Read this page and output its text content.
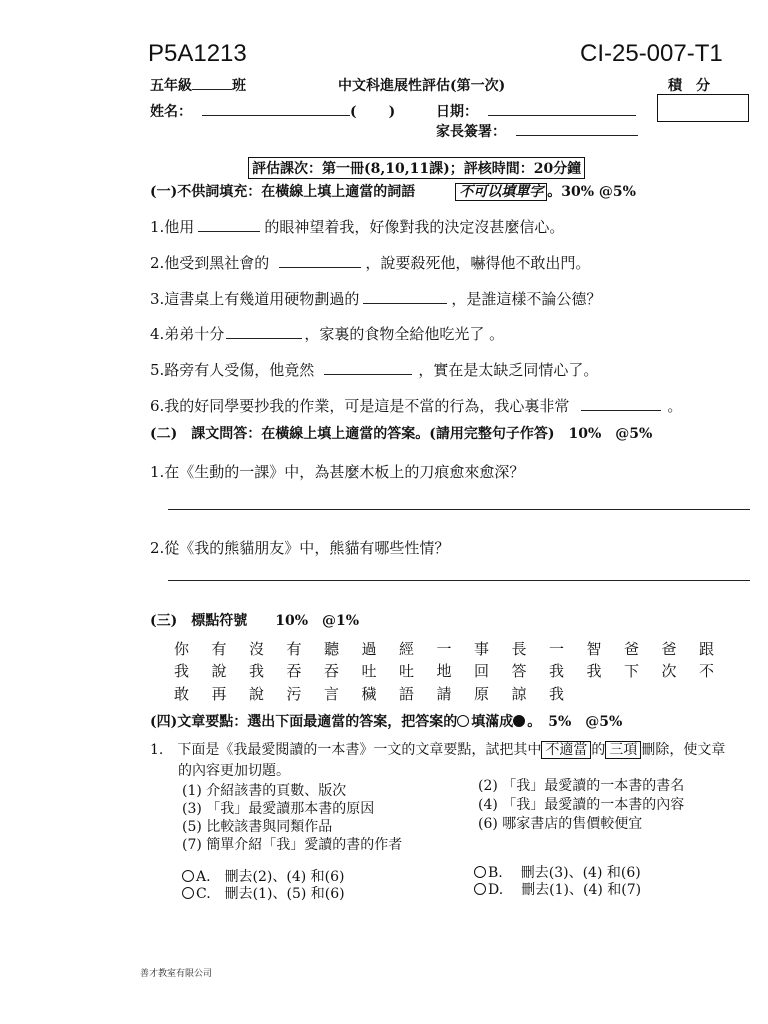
P5A1213	CI-25-007-T1
五年級	班	中文科進展性評估(第一次)	積　分
姓名：	( )	日期：
家長簽署：
評估課次：第一冊(8,10,11課)；評核時間：20分鐘
(一)不供詞填充：在橫線上填上適當的詞語	不可以填單字 。30% @5%
1.他用	的眼神望着我，好像對我的決定沒甚麼信心。
2.他受到黑社會的	，說要殺死他，嚇得他不敢出門。
3.這書桌上有幾道用硬物劃過的	，是誰這樣不論公德？
4.弟弟十分	，家裏的食物全給他吃光了 。
5.路旁有人受傷，他竟然	，實在是太缺乏同情心了。
6.我的好同學要抄我的作業，可是這是不當的行為，我心裏非常	。
(二)　課文問答：在橫線上填上適當的答案。(請用完整句子作答)　10%　@5%
1.在《生動的一課》中，為甚麼木板上的刀痕愈來愈深？
2.從《我的熊貓朋友》中，熊貓有哪些性情？
(三)　標點符號 10%　@1%
你	有	沒	有	聽	過	經	一	事	長	一	智	爸	爸	跟
我	說	我	吞	吞	吐	吐	地	回	答	我	我	下	次	不
敢	再	說	污	言	穢	語	請	原	諒	我
(四)文章要點：選出下面最適當的答案，把答案的 填滿成 。　5%　@5%
1.　下面是《我最愛閱讀的一本書》一文的文章要點，試把其中 不適當 的 三項 刪除，使文章
的內容更加切題。
(1) 介紹該書的頁數、版次
(3) 「我」最愛讀那本書的原因
(5) 比較該書與同類作品
(7) 簡單介紹「我」愛讀的書的作者
(2) 「我」最愛讀的一本書的書名
(4) 「我」最愛讀的一本書的內容
(6) 哪家書店的售價較便宜
A. 刪去(2)、(4) 和(6)
C. 刪去(1)、(5) 和(6)
B. 刪去(3)、(4) 和(6)
D. 刪去(1)、(4) 和(7)
善才教室有限公司
